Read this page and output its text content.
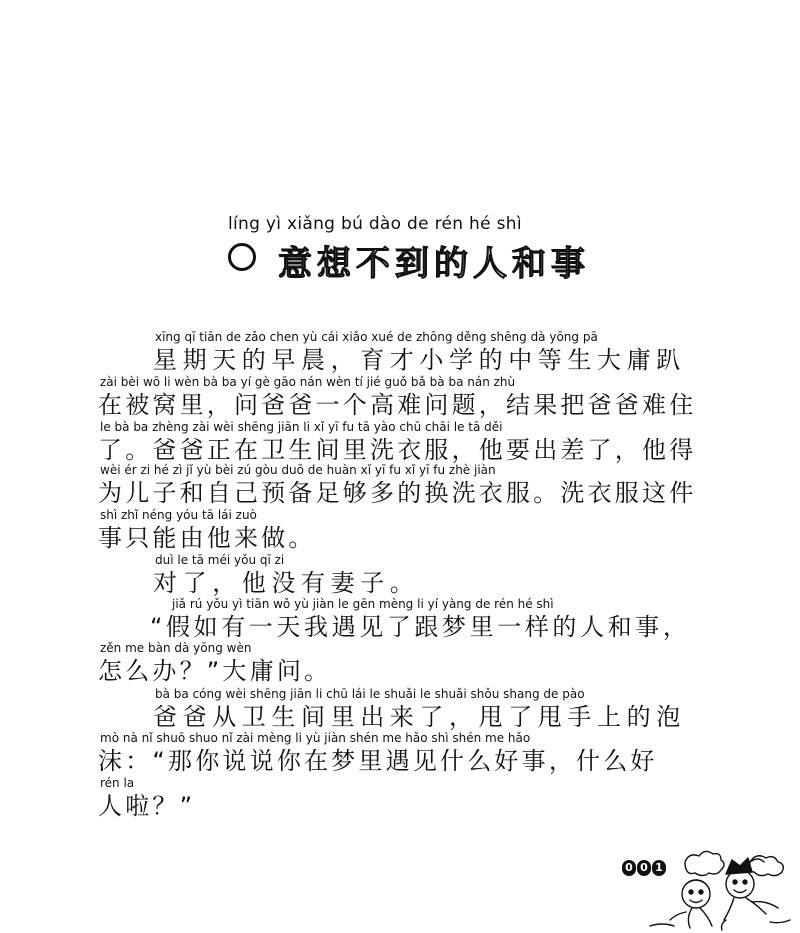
líng yì xiǎng bú dào de rén hé shì
意想不到的人和事
xīng qī tiān de zǎo chen yù cái xiǎo xué de zhōng děng shēng dà yōng pā
星期天的早晨，育才小学的中等生大庸趴
zài bèi wō li wèn bà ba yí gè gāo nán wèn tí jié guǒ bǎ bà ba nán zhù
在被窝里，问爸爸一个高难问题，结果把爸爸难住
le bà ba zhèng zài wèi shēng jiān li xǐ yī fu tā yào chū chāi le tā děi
了。爸爸正在卫生间里洗衣服，他要出差了，他得
wèi ér zi hé zì jǐ yù bèi zú gòu duō de huàn xǐ yī fu xǐ yī fu zhè jiàn
为儿子和自己预备足够多的换洗衣服。洗衣服这件
shì zhǐ néng yóu tā lái zuò
事只能由他来做。
duì le tā méi yǒu qī zi
对了，他没有妻子。
jiǎ rú yǒu yì tiān wǒ yù jiàn le gēn mèng li yí yàng de rén hé shì
“假如有一天我遇见了跟梦里一样的人和事，
zěn me bàn dà yōng wèn
怎么办？”大庸问。
bà ba cóng wèi shēng jiān li chū lái le shuǎi le shuǎi shǒu shang de pào
爸爸从卫生间里出来了，甩了甩手上的泡
mò nà nǐ shuō shuo nǐ zài mèng li yù jiàn shén me hǎo shì shén me hǎo
沫：“那你说说你在梦里遇见什么好事，什么好
rén la
人啦？”
0 0 1
